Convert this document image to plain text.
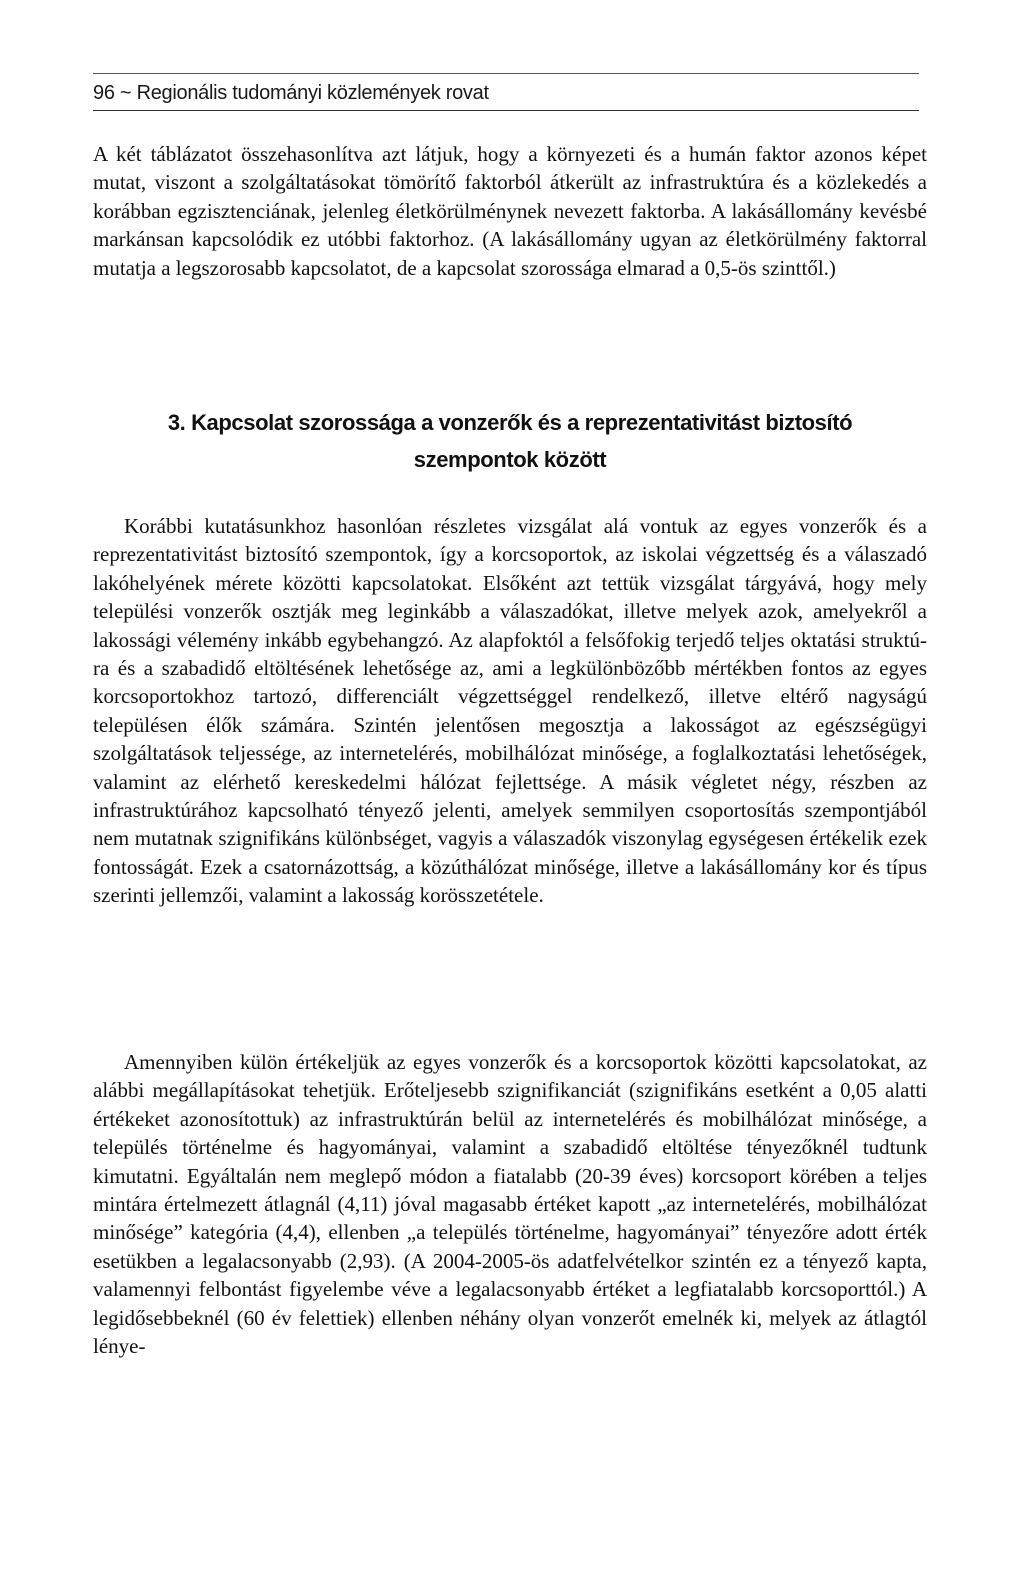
96 ~ Regionális tudományi közlemények rovat

A két táblázatot összehasonlítva azt látjuk, hogy a környezeti és a humán faktor azonos képet mutat, viszont a szolgáltatásokat tömörítő faktorból átkerült az infrastruktúra és a közlekedés a korábban egzisztenciának, jelenleg életkörülménynek nevezett faktorba. A lakásállomány kevésbé markánsan kapcsolódik ez utóbbi faktorhoz. (A lakásállomány ugyan az életkörülmény faktorral mutatja a legszorosabb kapcsolatot, de a kapcsolat szorossága elmarad a 0,5-ös szinttől.)

3. Kapcsolat szorossága a vonzerők és a reprezentativitást biztosító
szempontok között

Korábbi kutatásunkhoz hasonlóan részletes vizsgálat alá vontuk az egyes vonzerők és a reprezentativitást biztosító szempontok, így a korcsoportok, az iskolai végzettség és a válaszadó lakóhelyének mérete közötti kapcsolatokat. Elsőként azt tettük vizsgálat tárgyává, hogy mely települési vonzerők osztják meg leginkább a válaszadókat, illetve melyek azok, amelyekről a lakossági vélemény inkább egybehangzó. Az alapfoktól a felsőfokig terjedő teljes oktatási struktúra és a szabadidő eltöltésének lehetősége az, ami a legkülönbözőbb mértékben fontos az egyes korcsoportokhoz tartozó, differenciált végzettséggel rendelkező, illetve eltérő nagyságú településen élők számára. Szintén jelentősen megosztja a lakosságot az egészségügyi szolgáltatások teljessége, az internetelérés, mobilhálózat minősége, a foglalkoztatási lehetőségek, valamint az elérhető kereskedelmi hálózat fejlettsége. A másik végletet négy, részben az infrastruktúrához kapcsolható tényező jelenti, amelyek semmilyen csoportosítás szempontjából nem mutatnak szignifikáns különbséget, vagyis a válaszadók viszonylag egységesen értékelik ezek fontosságát. Ezek a csatornázottság, a közúthálózat minősége, illetve a lakásállomány kor és típus szerinti jellemzői, valamint a lakosság korösszetétele.

Amennyiben külön értékeljük az egyes vonzerők és a korcsoportok közötti kapcsolatokat, az alábbi megállapításokat tehetjük. Erőteljesebb szignifikanciát (szignifikáns esetként a 0,05 alatti értékeket azonosítottuk) az infrastruktúrán belül az internetelérés és mobilhálózat minősége, a település történelme és hagyományai, valamint a szabadidő eltöltése tényezőknél tudtunk kimutatni. Egyáltalán nem meglepő módon a fiatalabb (20-39 éves) korcsoport körében a teljes mintára értelmezett átlagnál (4,11) jóval magasabb értéket kapott „az internetelérés, mobilhálózat minősége” kategória (4,4), ellenben „a település történelme, hagyományai” tényezőre adott érték esetükben a legalacsonyabb (2,93). (A 2004-2005-ös adatfelvételkor szintén ez a tényező kapta, valamennyi felbontást figyelembe véve a legalacsonyabb értéket a legfiatalabb korcsoporttól.) A legidősebbeknél (60 év felettiek) ellenben néhány olyan vonzerőt emelnék ki, melyek az átlagtól lénye-
